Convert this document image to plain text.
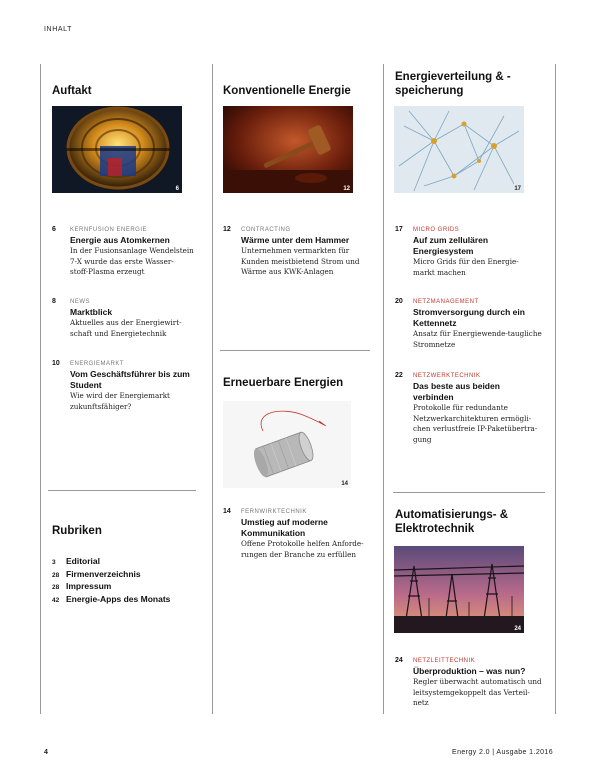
INHALT
Auftakt
6
6 KERNFUSION ENERGIE
Energie aus Atomkernen
In der Fusionsanlage Wendelstein
7-X wurde das erste Wasser-
stoff-Plasma erzeugt
8 NEWS
Marktblick
Aktuelles aus der Energiewirt-
schaft und Energietechnik
10 ENERGIEMARKT
Vom Geschäftsführer bis zum Student
Wie wird der Energiemarkt
zukunftsfähiger?
Rubriken
3	Editorial
28 Firmenverzeichnis
28 Impressum
42 Energie-Apps des Monats
Konventionelle Energie
12
12 CONTRACTING
Wärme unter dem Hammer
Unternehmen vermarkten für
Kunden meistbietend Strom und
Wärme aus KWK-Anlagen
Erneuerbare Energien
14
14 FERNWIRKTECHNIK
Umstieg auf moderne Kommunikation
Offene Protokolle helfen Anforde-
rungen der Branche zu erfüllen
Energieverteilung & -speicherung
17
17 MICRO GRIDS
Auf zum zellulären Energiesystem
Micro Grids für den Energie-
markt machen
20 NETZMANAGEMENT
Stromversorgung durch ein Kettennetz
Ansatz für Energiewende-taugliche
Stromnetze
22 NETZWERKTECHNIK
Das beste aus beiden verbinden
Protokolle für redundante
Netzwerkarchitekturen ermögli-
chen verlustfreie IP-Paketübertra-
gung
Automatisierungs- & Elektrotechnik
24
24 NETZLEITTECHNIK
Überproduktion – was nun?
Regler überwacht automatisch und
leitsystemgekoppelt das Verteil-
netz
4	Energy 2.0 | Ausgabe 1.2016
